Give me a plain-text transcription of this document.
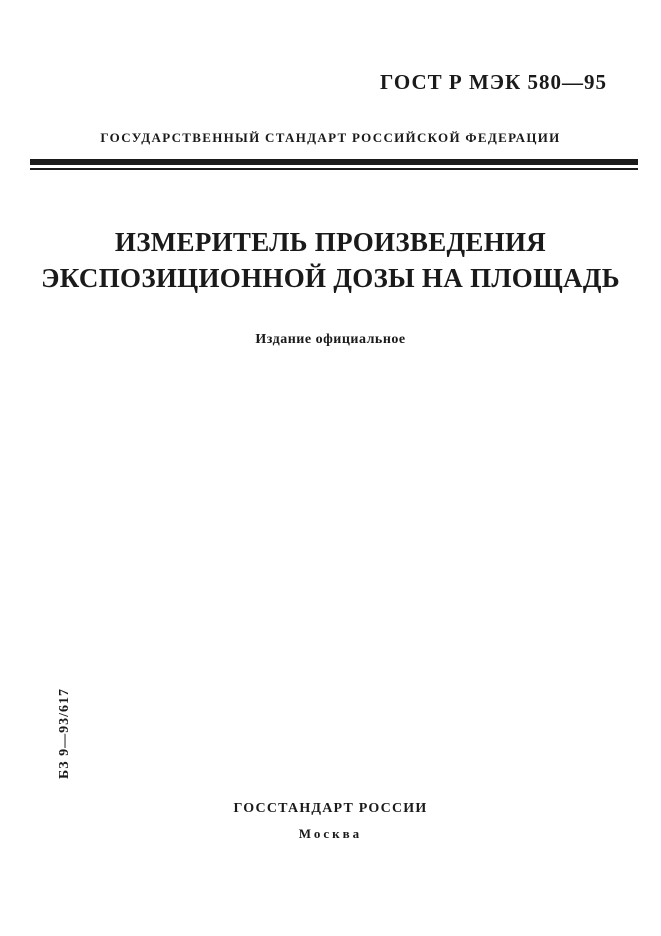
ГОСТ Р МЭК 580—95
ГОСУДАРСТВЕННЫЙ СТАНДАРТ РОССИЙСКОЙ ФЕДЕРАЦИИ
ИЗМЕРИТЕЛЬ ПРОИЗВЕДЕНИЯ
ЭКСПОЗИЦИОННОЙ ДОЗЫ НА ПЛОЩАДЬ
Издание официальное
БЗ 9—93/617
ГОССТАНДАРТ РОССИИ
Москва
